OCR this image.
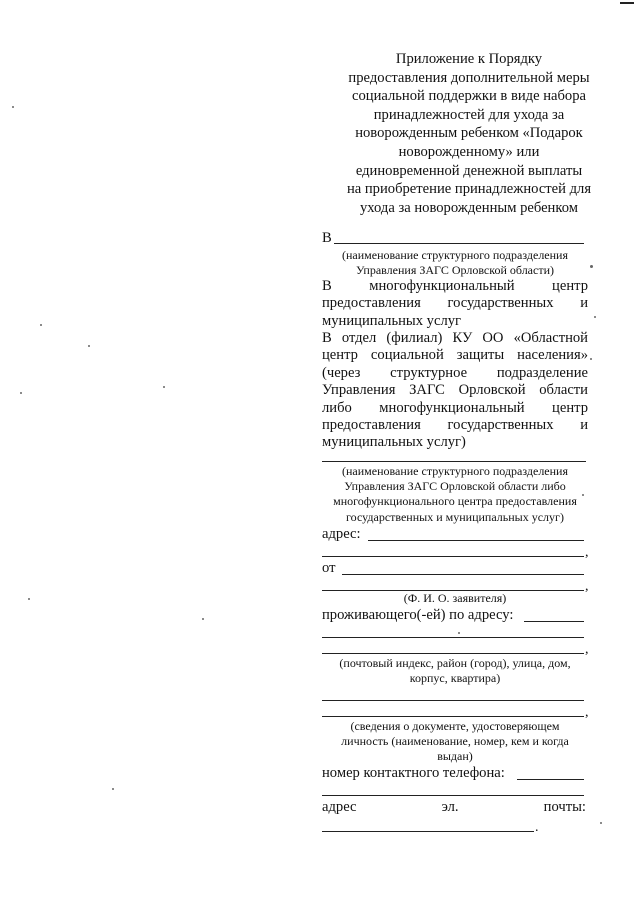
Приложение к Порядку
предоставления дополнительной меры
социальной поддержки в виде набора
принадлежностей для ухода за
новорожденным ребенком «Подарок
новорожденному» или
единовременной денежной выплаты
на приобретение принадлежностей для
ухода за новорожденным ребенком
В
(наименование структурного подразделения
Управления ЗАГС Орловской области)
В многофункциональный центр
предоставления государственных и
муниципальных услуг
В отдел (филиал) КУ ОО «Областной
центр социальной защиты населения»
(через структурное подразделение
Управления ЗАГС Орловской области
либо многофункциональный центр
предоставления государственных и
муниципальных услуг)
(наименование структурного подразделения
Управления ЗАГС Орловской области либо
многофункционального центра предоставления
государственных и муниципальных услуг)
адрес:
,
от
,
(Ф. И. О. заявителя)
проживающего(-ей) по адресу:
,
(почтовый индекс, район (город), улица, дом,
корпус, квартира)
,
(сведения о документе, удостоверяющем
личность (наименование, номер, кем и когда
выдан)
номер контактного телефона:
адрес эл. почты:
.
